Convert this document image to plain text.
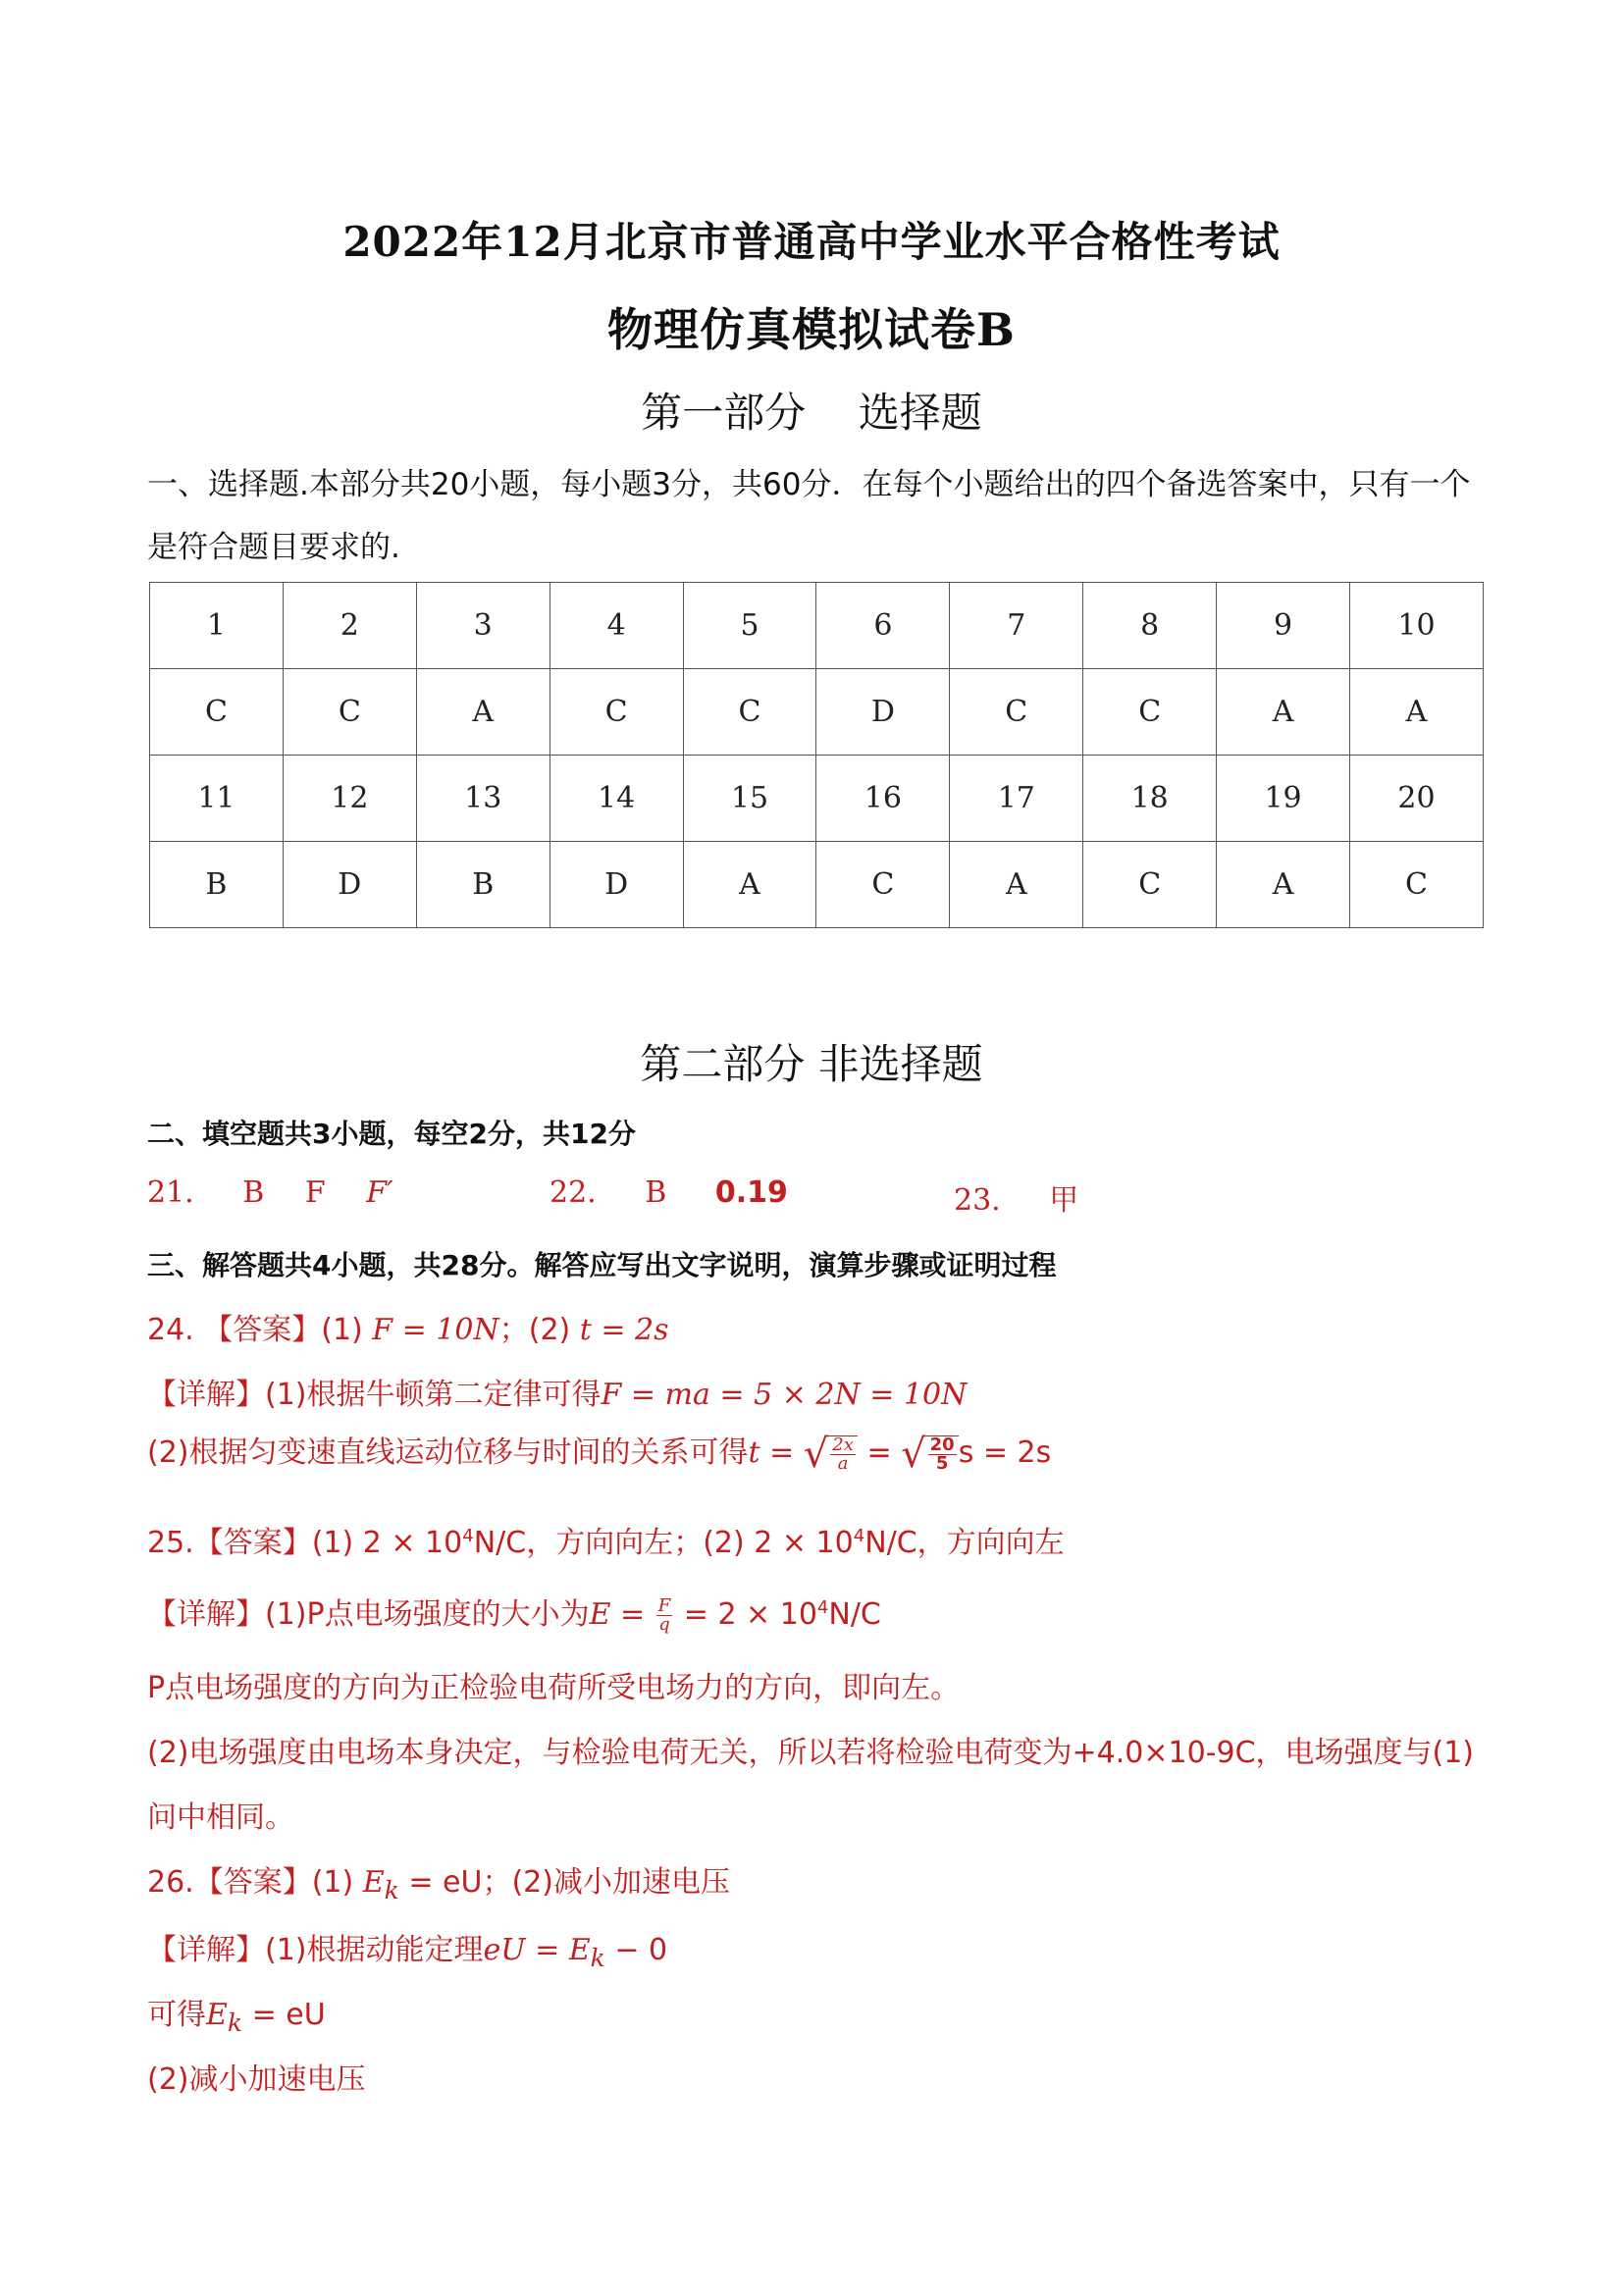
2022年12月北京市普通高中学业水平合格性考试
物理仿真模拟试卷B
第一部分    选择题
一、选择题.本部分共20小题，每小题3分，共60分．在每个小题给出的四个备选答案中，只有一个是符合题目要求的.
1	2	3	4	5	6	7	8	9	10
C	C	A	C	C	D	C	C	A	A
11	12	13	14	15	16	17	18	19	20
B	D	B	D	A	C	A	C	A	C
第二部分 非选择题
二、填空题共3小题，每空2分，共12分
21. B F F′	22. B 0.19	23. 甲
三、解答题共4小题，共28分。解答应写出文字说明，演算步骤或证明过程
24. 【答案】(1) F = 10N；(2) t = 2s
【详解】(1)根据牛顿第二定律可得F = ma = 5 × 2N = 10N
(2)根据匀变速直线运动位移与时间的关系可得t = √ $\frac{2x}{a}$ = √ $\frac{20}{5}$ s = 2s
25.【答案】(1) $2 \times 10^4N/C$，方向向左；(2) $2 \times 10^4N/C$，方向向左
【详解】(1)P点电场强度的大小为$E = \frac{F}{q} = 2 \times 10^4N/C$
P点电场强度的方向为正检验电荷所受电场力的方向，即向左。
(2)电场强度由电场本身决定，与检验电荷无关，所以若将检验电荷变为+4.0×10-9C，电场强度与(1)
问中相同。
26.【答案】(1) $E_k$ = eU；(2)减小加速电压
【详解】(1)根据动能定理eU = $E_k - 0$
可得$E_k$ = eU
(2)减小加速电压
